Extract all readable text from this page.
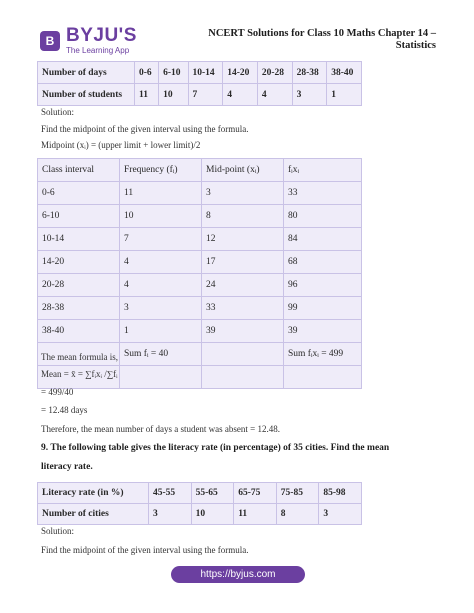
B BYJU'S
The Learning App
NCERT Solutions for Class 10 Maths Chapter 14 –
Statistics
Number of days	0-6	6-10	10-14	14-20	20-28	28-38	38-40
Number of students	11	10	7	4	4	3	1
Solution:
Find the midpoint of the given interval using the formula.
Midpoint (xᵢ) = (upper limit + lower limit)/2
Class interval	Frequency (fᵢ)	Mid-point (xᵢ)	fᵢxᵢ
0-6	11	3	33
6-10	10	8	80
10-14	7	12	84
14-20	4	17	68
20-28	4	24	96
28-38	3	33	99
38-40	1	39	39
	Sum fᵢ = 40		Sum fᵢxᵢ = 499

The mean formula is,
Mean = x̄ = ∑fᵢxᵢ /∑fᵢ
= 499/40
= 12.48 days
Therefore, the mean number of days a student was absent = 12.48.
9. The following table gives the literacy rate (in percentage) of 35 cities. Find the mean
literacy rate.
Literacy rate (in %)	45-55	55-65	65-75	75-85	85-98
Number of cities	3	10	11	8	3
Solution:
Find the midpoint of the given interval using the formula.
https://byjus.com
